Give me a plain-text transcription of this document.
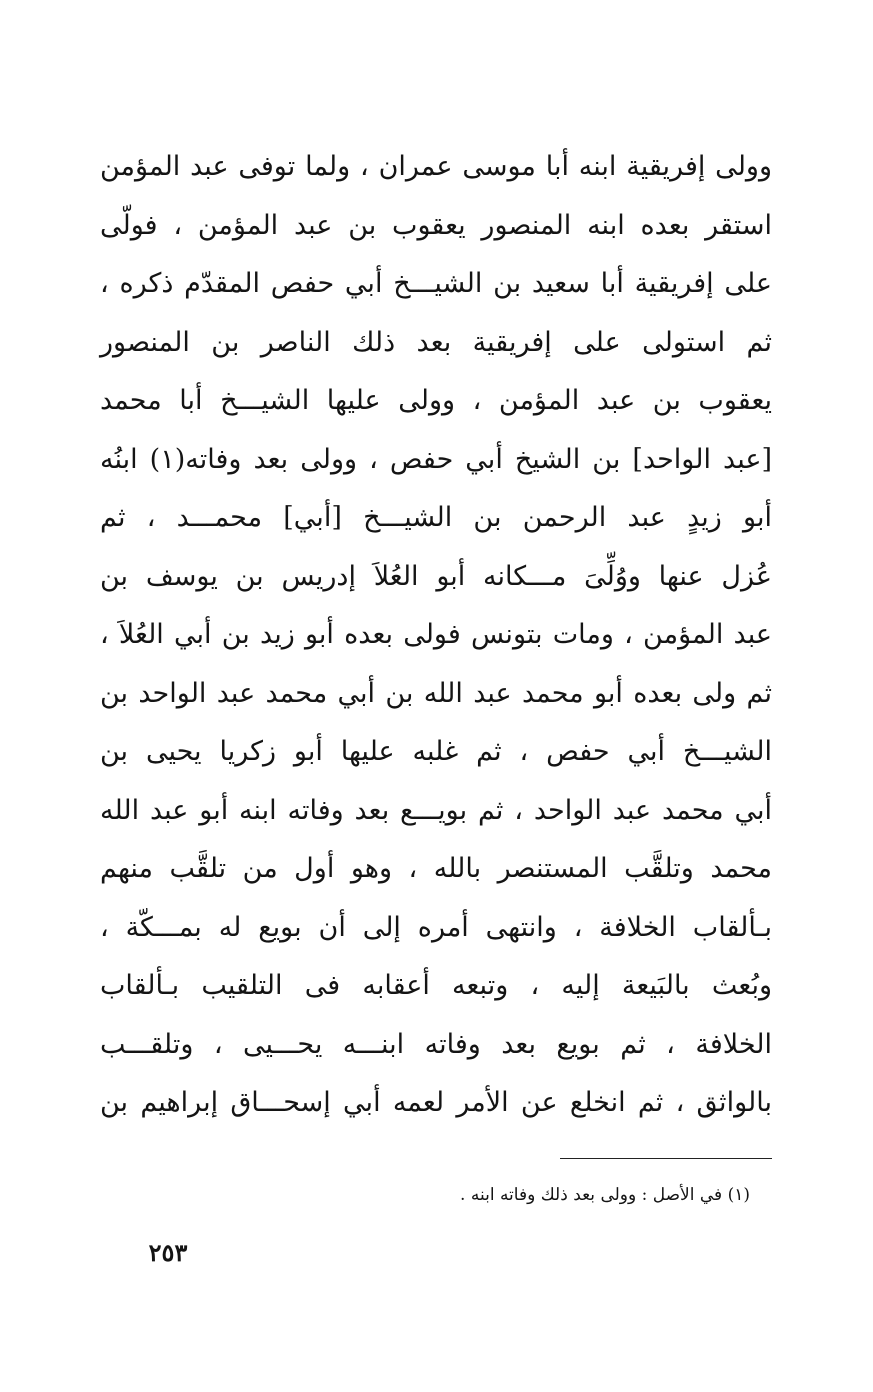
وولى إفريقية ابنه أبا موسى عمران ، ولما توفى عبد المؤمن
استقر بعده ابنه المنصور يعقوب بن عبد المؤمن ، فولّى
على إفريقية أبا سعيد بن الشيـــخ أبي حفص المقدّم ذكره ،
ثم استولى على إفريقية بعد ذلك الناصر بن المنصور
يعقوب بن عبد المؤمن ، وولى عليها الشيـــخ أبا محمد
[عبد الواحد] بن الشيخ أبي حفص ، وولى بعد وفاته(١) ابنُه
أبو زيدٍ عبد الرحمن بن الشيـــخ [أبي] محمـــد ، ثم
عُزل عنها ووُلِّىَ مـــكانه أبو العُلاَ إدريس بن يوسف بن
عبد المؤمن ، ومات بتونس فولى بعده أبو زيد بن أبي العُلاَ ،
ثم ولى بعده أبو محمد عبد الله بن أبي محمد عبد الواحد بن
الشيـــخ أبي حفص ، ثم غلبه عليها أبو زكريا يحيى بن
أبي محمد عبد الواحد ، ثم بويـــع بعد وفاته ابنه أبو عبد الله
محمد وتلقَّب المستنصر بالله ، وهو أول من تلقَّب منهم
بـألقاب الخلافة ، وانتهى أمره إلى أن بويع له بمـــكّة ،
وبُعث بالبَيعة إليه ، وتبعه أعقابه فى التلقيب بـألقاب
الخلافة ، ثم بويع بعد وفاته ابنـــه يحـــيى ، وتلقـــب
بالواثق ، ثم انخلع عن الأمر لعمه أبي إسحـــاق إبراهيم بن
(١) في الأصل : وولى بعد ذلك وفاته ابنه .
٢٥٣
